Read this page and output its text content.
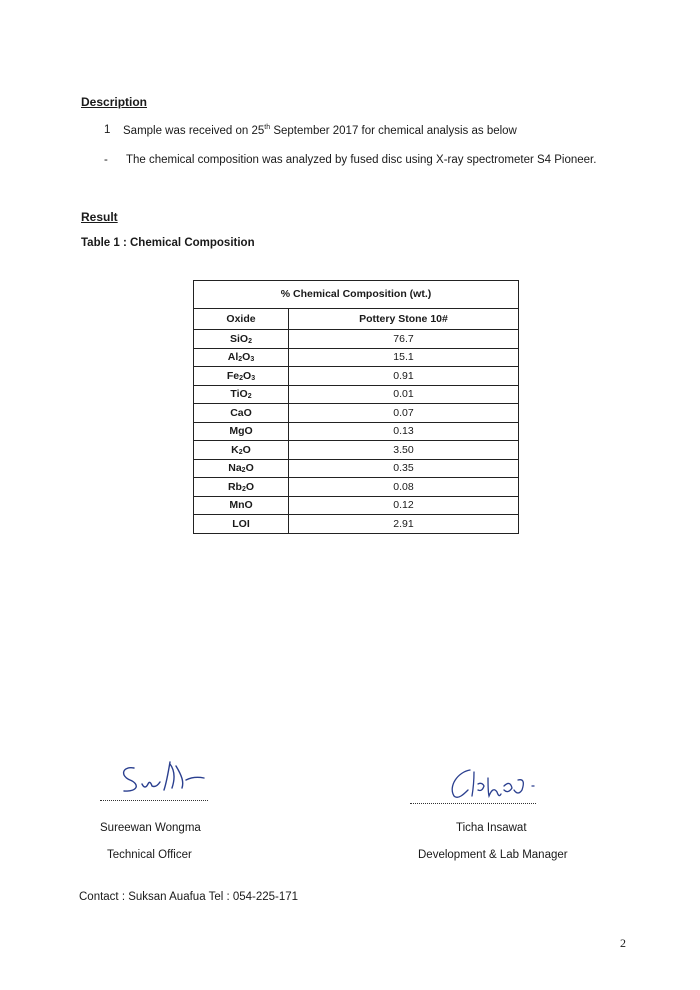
Description
1 Sample was received on 25th September 2017 for chemical analysis as below
- The chemical composition was analyzed by fused disc using X-ray spectrometer S4 Pioneer.
Result
Table 1 : Chemical Composition
% Chemical Composition (wt.)
Oxide	Pottery Stone 10#
SiO$_2$	76.7
$Al_2O_3$	15.1
$Fe_2O_3$	0.91
TiO$_2$	0.01
CaO	0.07
MgO	0.13
$K_2O$	3.50
$Na_2O$	0.35
$Rb_2O$	0.08
MnO	0.12
LOI	2.91
Sureewan Wongma
Technical Officer
Ticha Insawat
Development & Lab Manager
Contact : Suksan Auafua Tel : 054-225-171
2
